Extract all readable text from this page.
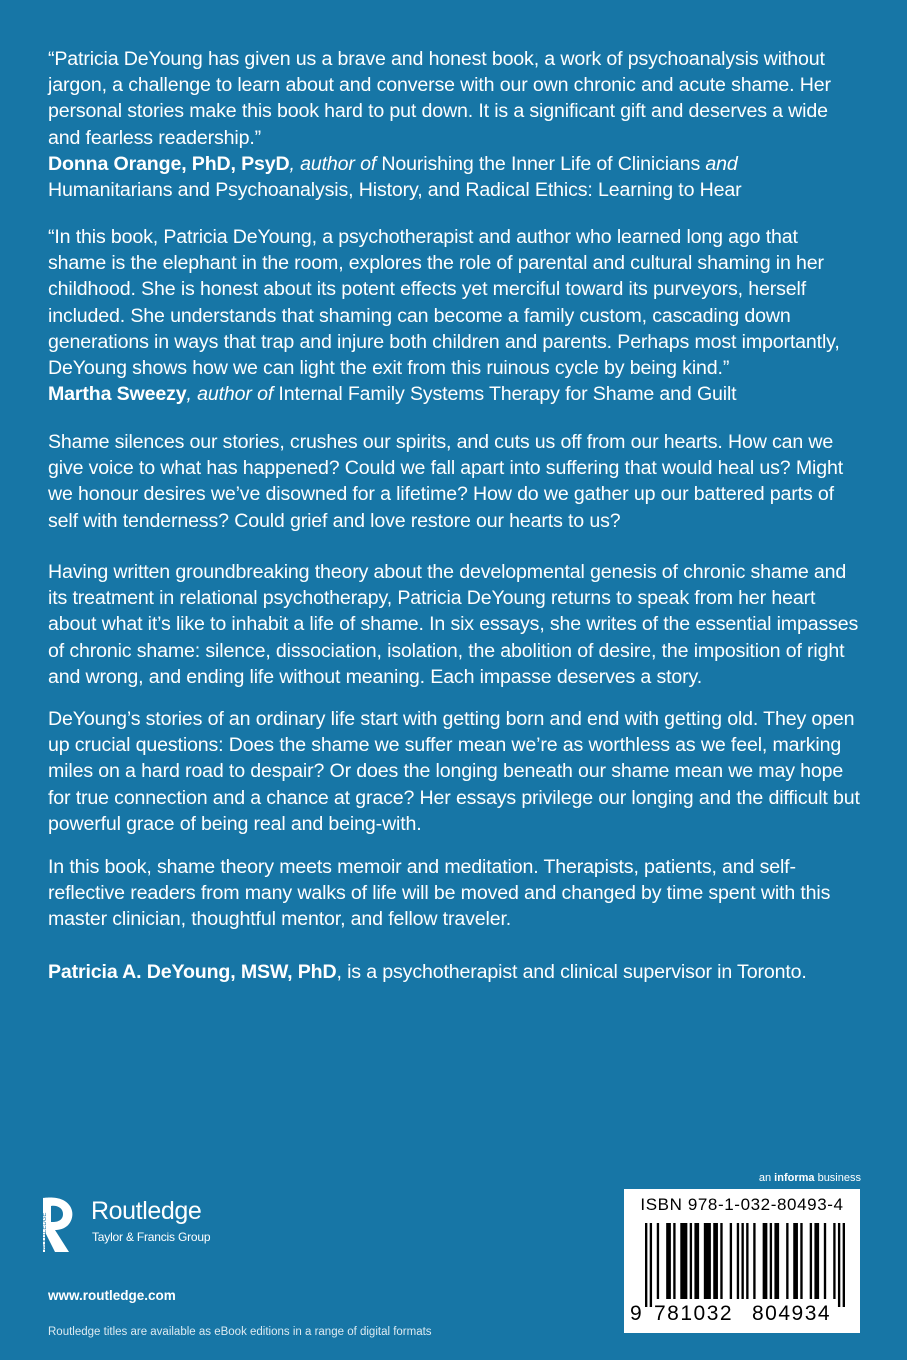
“Patricia DeYoung has given us a brave and honest book, a work of psychoanalysis without jargon, a challenge to learn about and converse with our own chronic and acute shame. Her personal stories make this book hard to put down. It is a significant gift and deserves a wide and fearless readership.”

Donna Orange, PhD, PsyD, author of Nourishing the Inner Life of Clinicians and Humanitarians and Psychoanalysis, History, and Radical Ethics: Learning to Hear

“In this book, Patricia DeYoung, a psychotherapist and author who learned long ago that shame is the elephant in the room, explores the role of parental and cultural shaming in her childhood. She is honest about its potent effects yet merciful toward its purveyors, herself included. She understands that shaming can become a family custom, cascading down generations in ways that trap and injure both children and parents. Perhaps most importantly, DeYoung shows how we can light the exit from this ruinous cycle by being kind.”

Martha Sweezy, author of Internal Family Systems Therapy for Shame and Guilt

Shame silences our stories, crushes our spirits, and cuts us off from our hearts. How can we give voice to what has happened? Could we fall apart into suffering that would heal us? Might we honour desires we’ve disowned for a lifetime? How do we gather up our battered parts of self with tenderness? Could grief and love restore our hearts to us?

Having written groundbreaking theory about the developmental genesis of chronic shame and its treatment in relational psychotherapy, Patricia DeYoung returns to speak from her heart about what it’s like to inhabit a life of shame. In six essays, she writes of the essential impasses of chronic shame: silence, dissociation, isolation, the abolition of desire, the imposition of right and wrong, and ending life without meaning. Each impasse deserves a story.

DeYoung’s stories of an ordinary life start with getting born and end with getting old. They open up crucial questions: Does the shame we suffer mean we’re as worthless as we feel, marking miles on a hard road to despair? Or does the longing beneath our shame mean we may hope for true connection and a chance at grace? Her essays privilege our longing and the difficult but powerful grace of being real and being-with.

In this book, shame theory meets memoir and meditation. Therapists, patients, and self-reflective readers from many walks of life will be moved and changed by time spent with this master clinician, thoughtful mentor, and fellow traveler.

Patricia A. DeYoung, MSW, PhD, is a psychotherapist and clinical supervisor in Toronto.

ROUTLEDGE
Routledge
Taylor & Francis Group
www.routledge.com
Routledge titles are available as eBook editions in a range of digital formats
an informa business
ISBN 978-1-032-80493-4
9 781032 804934
